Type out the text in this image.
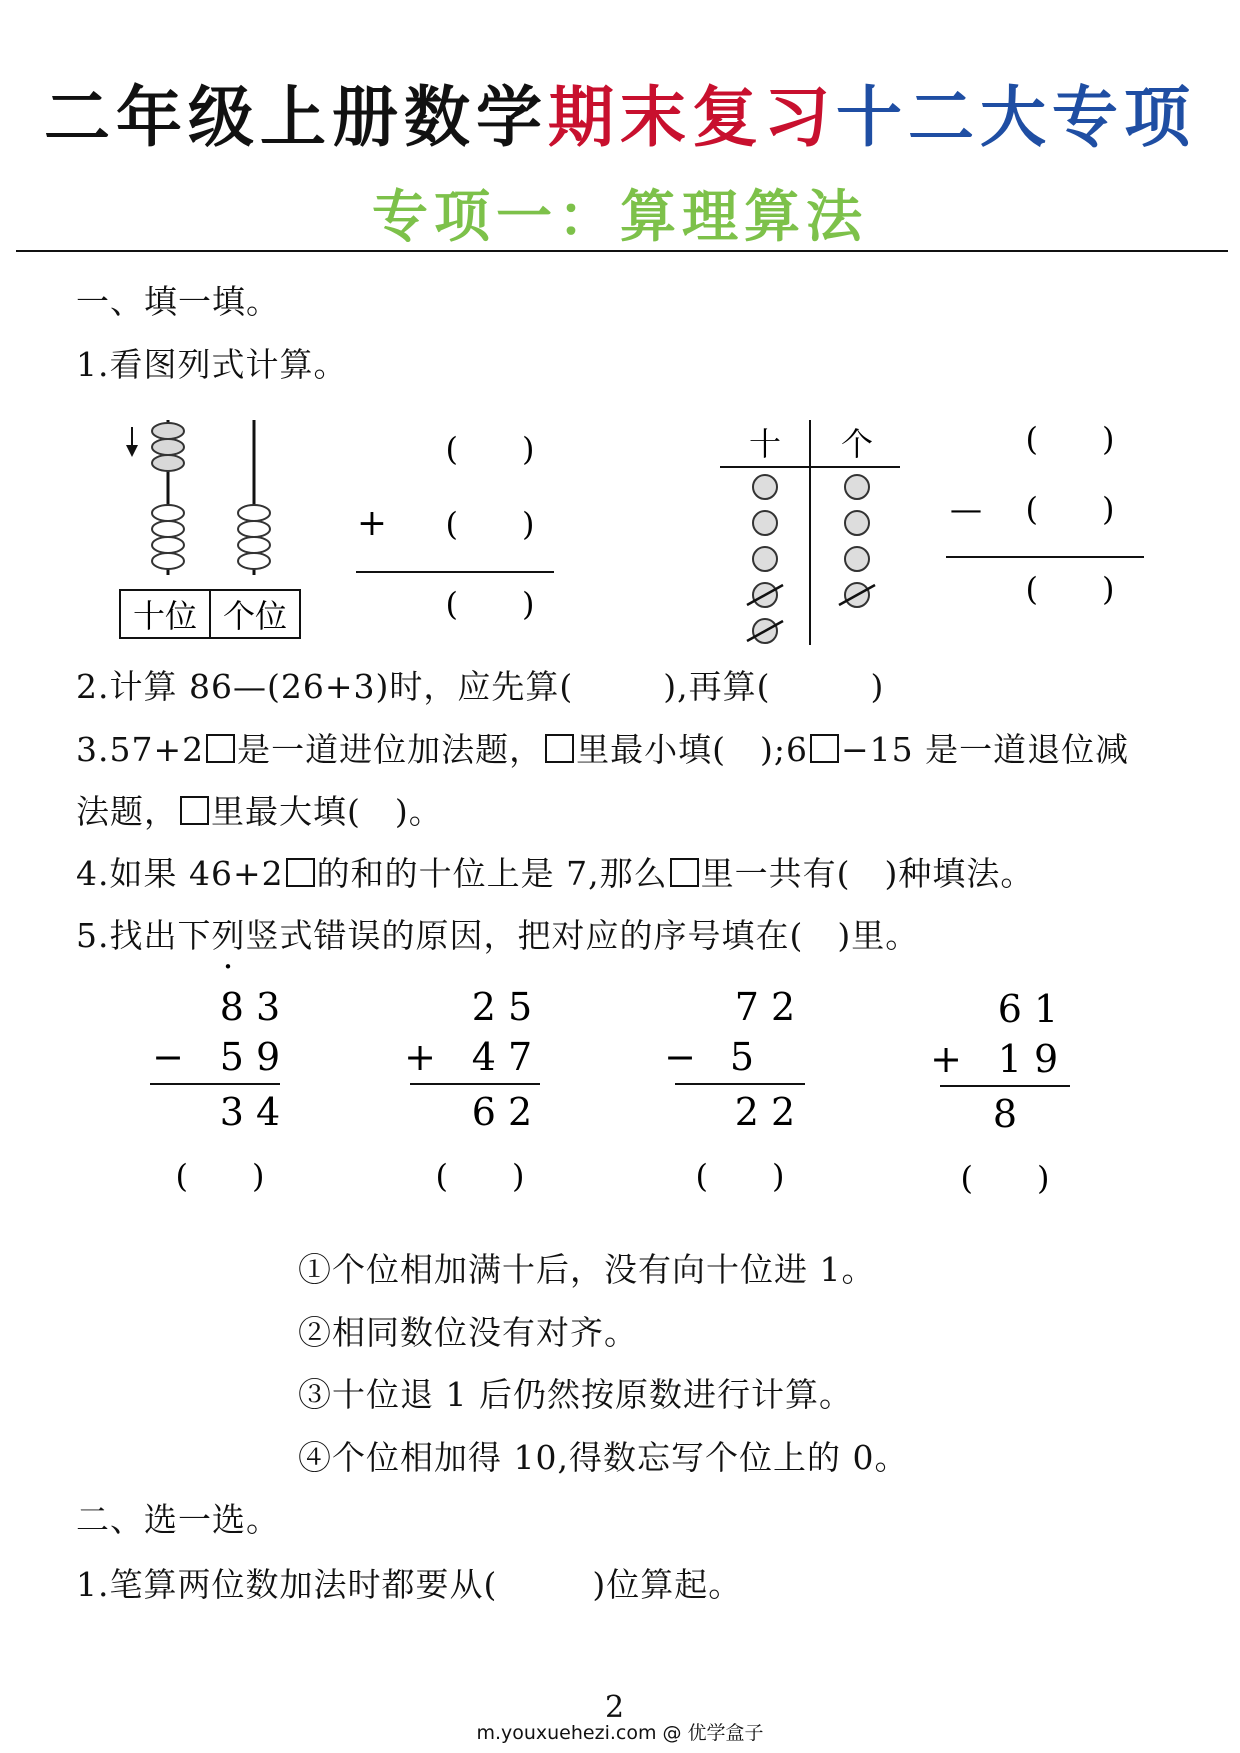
二年级上册数学期末复习十二大专项
专项一：算理算法
一、填一填。
1.看图列式计算。
十位 个位
(　　)
+ (　　)
(　　)
十 个	(　　)
— (　　)
(　　)
2.计算 86—(26+3)时，应先算(	),再算(	)
3.57+2 是一道进位加法题， 里最小填(　);6 −15 是一道退位减
法题， 里最大填(　)。
4.如果 46+2 的和的十位上是 7,那么 里一共有(　)种填法。
5.找出下列竖式错误的原因，把对应的序号填在(　)里。
·
8 3
− 5 9
3 4
(　　)
2 5
+ 4 7
6 2
(　　)
7 2
− 5
2 2
(　　)
6 1
+ 1 9
8
(　　)
①个位相加满十后，没有向十位进 1。
②相同数位没有对齐。
③十位退 1 后仍然按原数进行计算。
④个位相加得 10,得数忘写个位上的 0。
二、选一选。
1.笔算两位数加法时都要从(	)位算起。
2
m.youxuehezi.com @ 优学盒子
